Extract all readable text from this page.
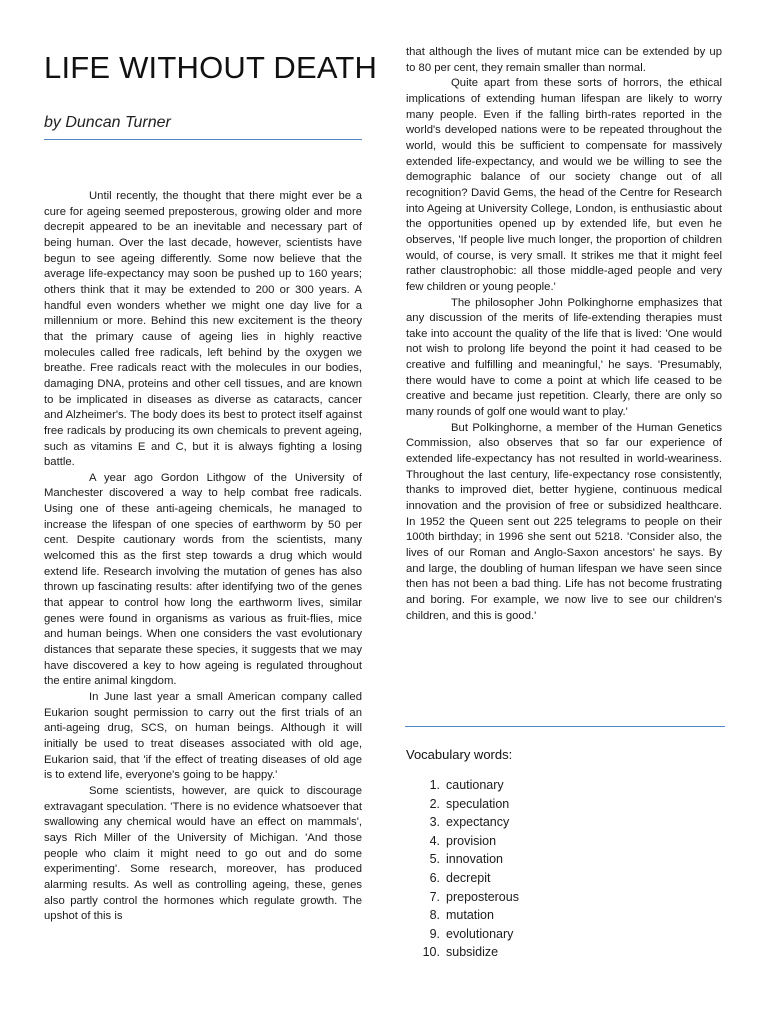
LIFE WITHOUT DEATH

by Duncan Turner

Until recently, the thought that there might ever be a cure for ageing seemed preposterous, growing older and more decrepit appeared to be an inevitable and necessary part of being human. Over the last decade, however, scientists have begun to see ageing differently. Some now believe that the average life-expectancy may soon be pushed up to 160 years; others think that it may be extended to 200 or 300 years. A handful even wonders whether we might one day live for a millennium or more. Behind this new excitement is the theory that the primary cause of ageing lies in highly reactive molecules called free radicals, left behind by the oxygen we breathe. Free radicals react with the molecules in our bodies, damaging DNA, proteins and other cell tissues, and are known to be implicated in diseases as diverse as cataracts, cancer and Alzheimer's. The body does its best to protect itself against free radicals by producing its own chemicals to prevent ageing, such as vitamins E and C, but it is always fighting a losing battle.

A year ago Gordon Lithgow of the University of Manchester discovered a way to help combat free radicals. Using one of these anti-ageing chemicals, he managed to increase the lifespan of one species of earthworm by 50 per cent. Despite cautionary words from the scientists, many welcomed this as the first step towards a drug which would extend life. Research involving the mutation of genes has also thrown up fascinating results: after identifying two of the genes that appear to control how long the earthworm lives, similar genes were found in organisms as various as fruit-flies, mice and human beings. When one considers the vast evolutionary distances that separate these species, it suggests that we may have discovered a key to how ageing is regulated throughout the entire animal kingdom.

In June last year a small American company called Eukarion sought permission to carry out the first trials of an anti-ageing drug, SCS, on human beings. Although it will initially be used to treat diseases associated with old age, Eukarion said, that 'if the effect of treating diseases of old age is to extend life, everyone's going to be happy.'

Some scientists, however, are quick to discourage extravagant speculation. 'There is no evidence whatsoever that swallowing any chemical would have an effect on mammals', says Rich Miller of the University of Michigan. 'And those people who claim it might need to go out and do some experimenting'. Some research, moreover, has produced alarming results. As well as controlling ageing, these, genes also partly control the hormones which regulate growth. The upshot of this is

that although the lives of mutant mice can be extended by up to 80 per cent, they remain smaller than normal.

Quite apart from these sorts of horrors, the ethical implications of extending human lifespan are likely to worry many people. Even if the falling birth-rates reported in the world's developed nations were to be repeated throughout the world, would this be sufficient to compensate for massively extended life-expectancy, and would we be willing to see the demographic balance of our society change out of all recognition? David Gems, the head of the Centre for Research into Ageing at University College, London, is enthusiastic about the opportunities opened up by extended life, but even he observes, 'If people live much longer, the proportion of children would, of course, is very small. It strikes me that it might feel rather claustrophobic: all those middle-aged people and very few children or young people.'

The philosopher John Polkinghorne emphasizes that any discussion of the merits of life-extending therapies must take into account the quality of the life that is lived: 'One would not wish to prolong life beyond the point it had ceased to be creative and fulfilling and meaningful,' he says. 'Presumably, there would have to come a point at which life ceased to be creative and became just repetition. Clearly, there are only so many rounds of golf one would want to play.'

But Polkinghorne, a member of the Human Genetics Commission, also observes that so far our experience of extended life-expectancy has not resulted in world-weariness. Throughout the last century, life-expectancy rose consistently, thanks to improved diet, better hygiene, continuous medical innovation and the provision of free or subsidized healthcare. In 1952 the Queen sent out 225 telegrams to people on their 100th birthday; in 1996 she sent out 5218. 'Consider also, the lives of our Roman and Anglo-Saxon ancestors' he says. By and large, the doubling of human lifespan we have seen since then has not been a bad thing. Life has not become frustrating and boring. For example, we now live to see our children's children, and this is good.'

Vocabulary words:
1. cautionary
2. speculation
3. expectancy
4. provision
5. innovation
6. decrepit
7. preposterous
8. mutation
9. evolutionary
10. subsidize
